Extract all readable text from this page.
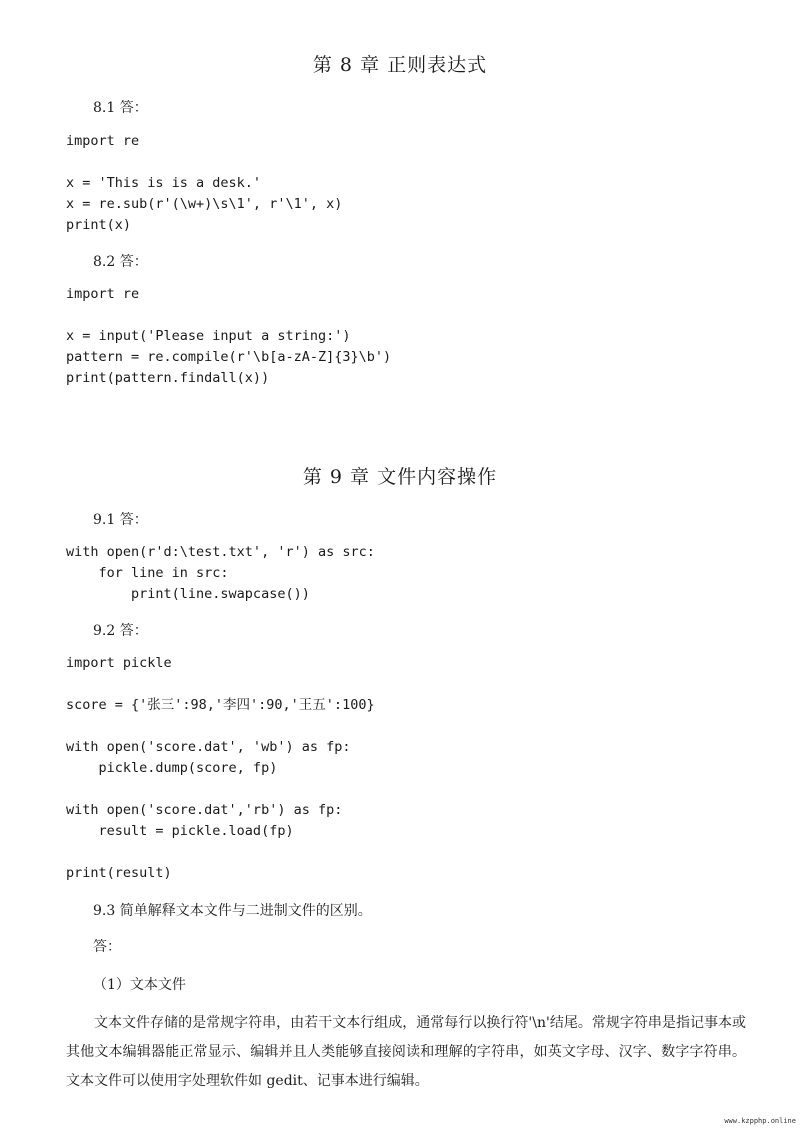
第 8 章 正则表达式

8.1 答：

import re

x = 'This is is a desk.'
x = re.sub(r'(\w+)\s\1', r'\1', x)
print(x)

8.2 答：

import re

x = input('Please input a string:')
pattern = re.compile(r'\b[a-zA-Z]{3}\b')
print(pattern.findall(x))
第 9 章 文件内容操作

9.1 答：

with open(r'd:\test.txt', 'r') as src:
for line in src:
print(line.swapcase())

9.2 答：

import pickle

score = {'张三':98,'李四':90,'王五':100}

with open('score.dat', 'wb') as fp:
pickle.dump(score, fp)

with open('score.dat','rb') as fp:
result = pickle.load(fp)

print(result)

9.3 简单解释文本文件与二进制文件的区别。

答：

（1）文本文件

文本文件存储的是常规字符串，由若干文本行组成，通常每行以换行符'\n'结尾。常规字符串是指记事本或其他文本编辑器能正常显示、编辑并且人类能够直接阅读和理解的字符串，如英文字母、汉字、数字字符串。文本文件可以使用字处理软件如 gedit、记事本进行编辑。

www.kzpphp.online
